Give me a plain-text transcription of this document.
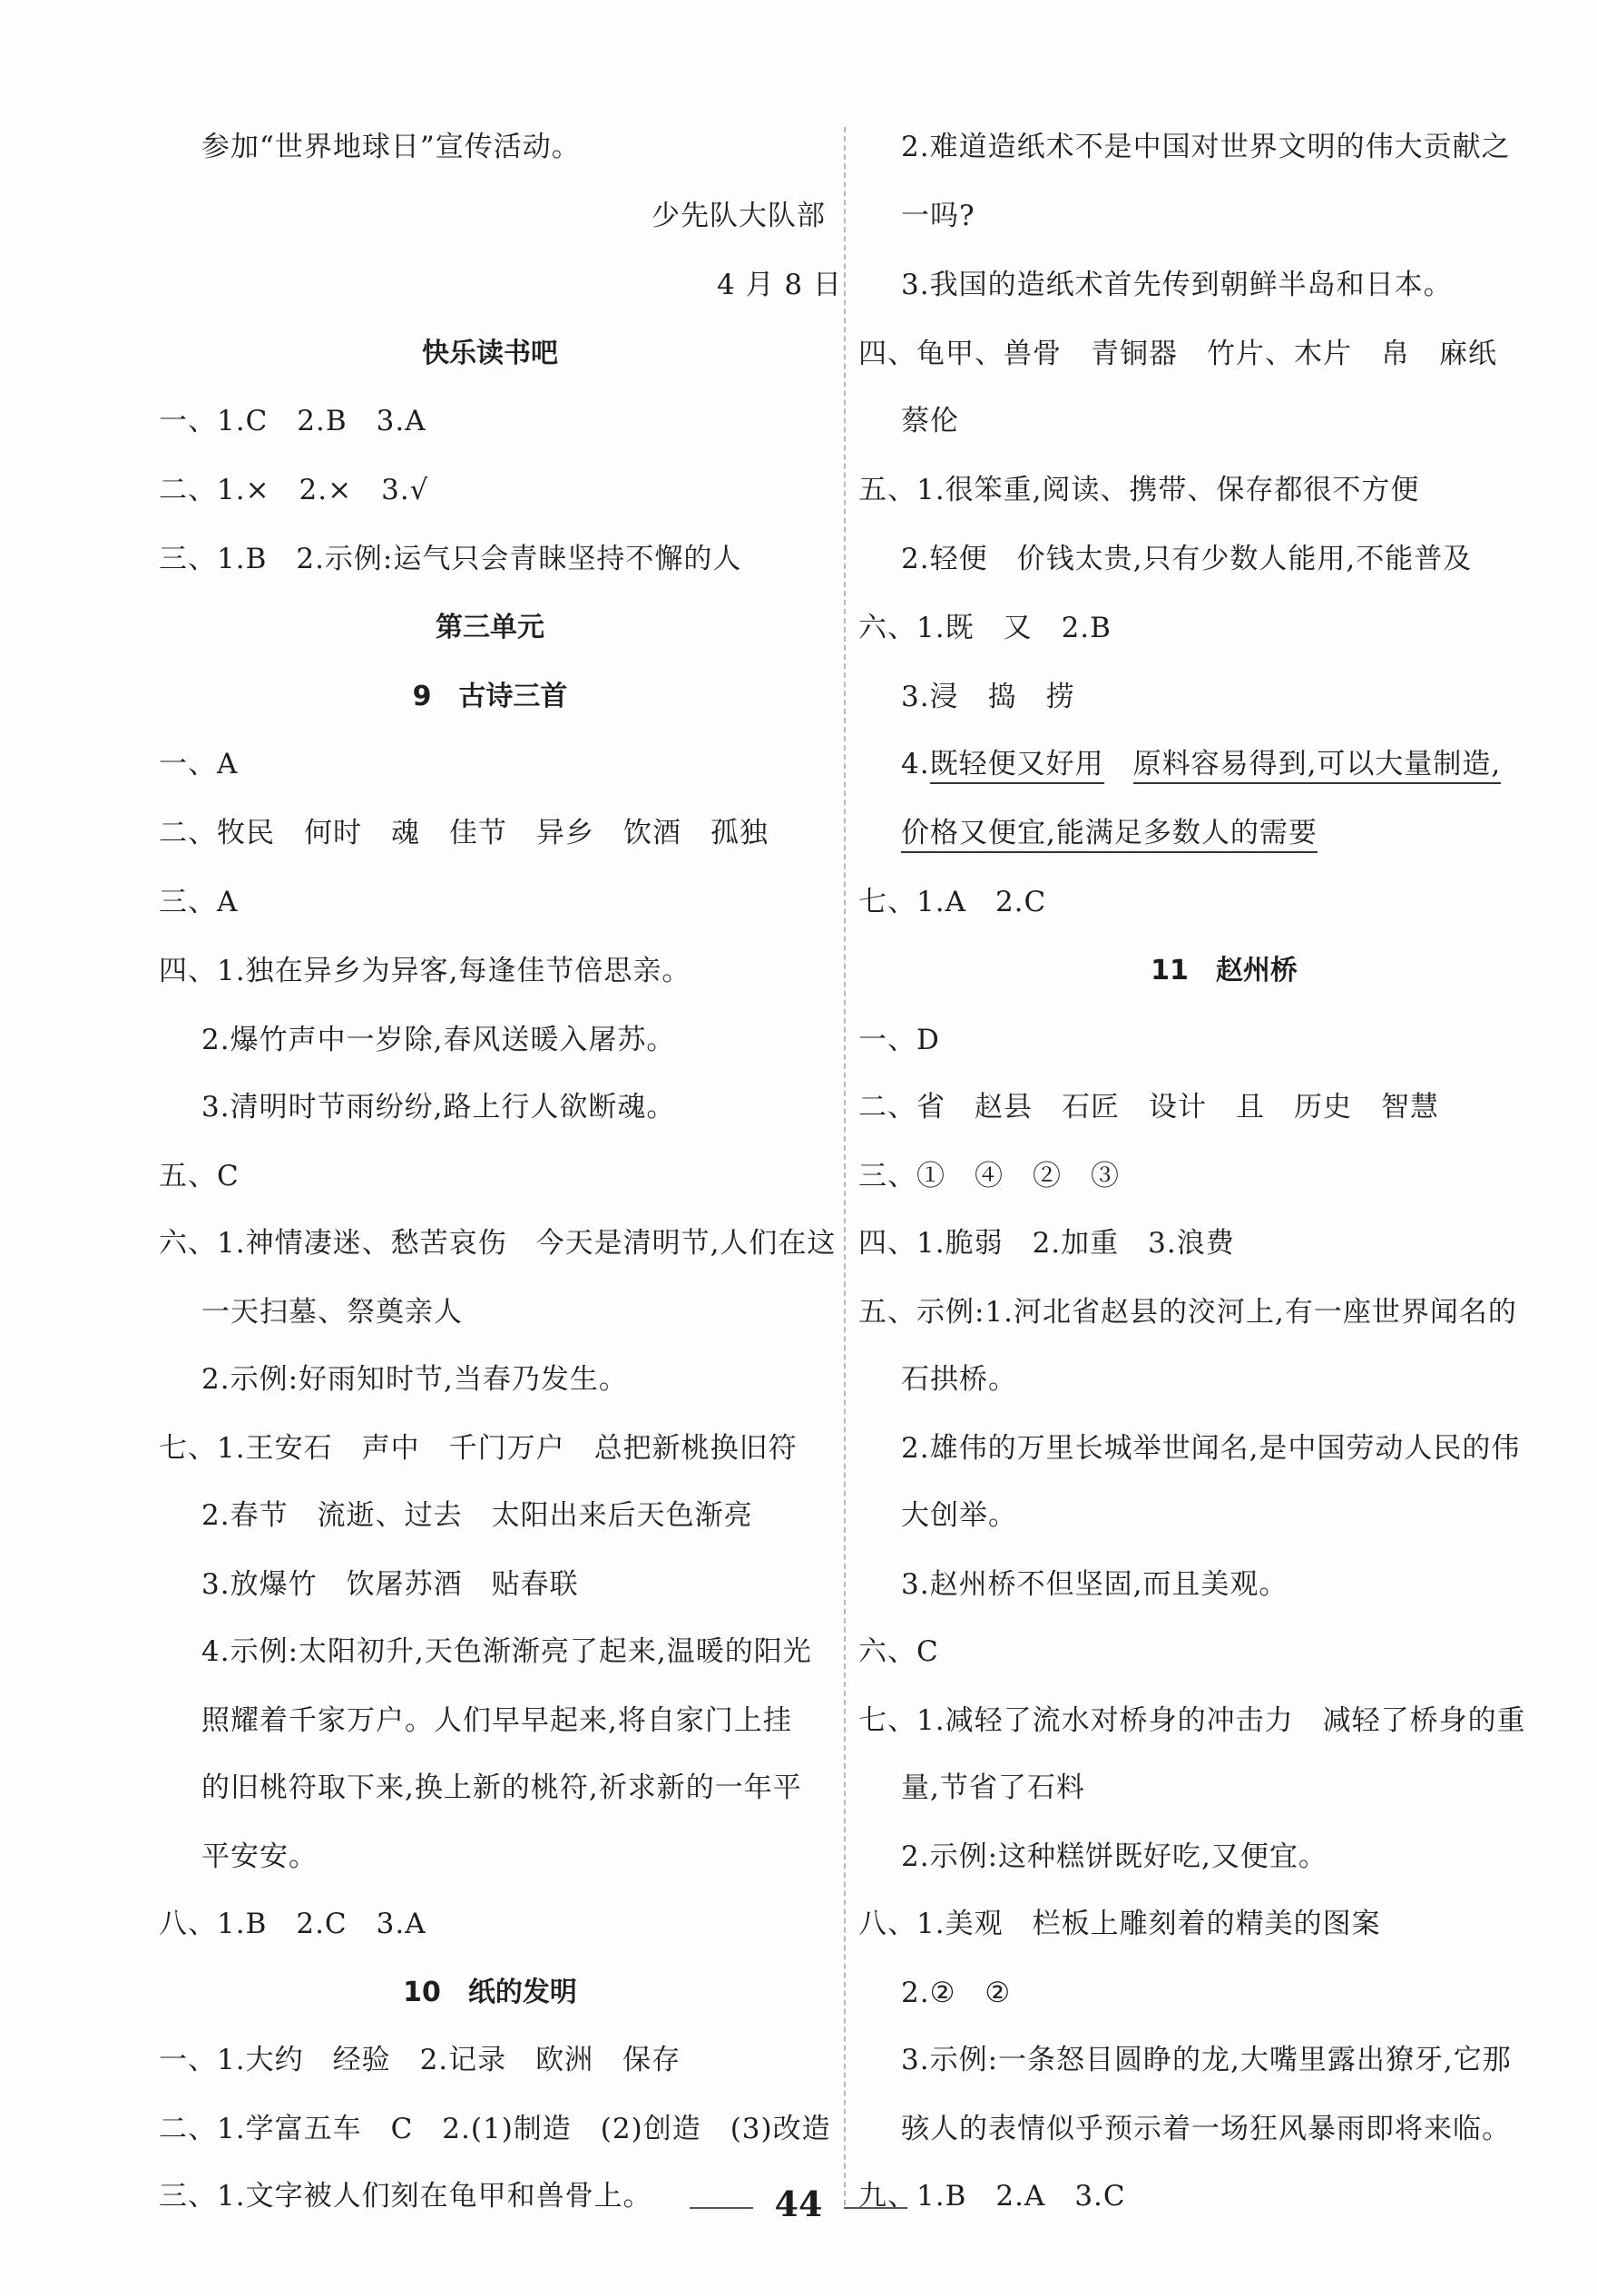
参加“世界地球日”宣传活动。
少先队大队部
4 月 8 日
快乐读书吧
一、1.C　2.B　3.A
二、1.×　2.×　3.√
三、1.B　2.示例:运气只会青睐坚持不懈的人
第三单元
9　古诗三首
一、A
二、牧民　何时　魂　佳节　异乡　饮酒　孤独
三、A
四、1.独在异乡为异客,每逢佳节倍思亲。
2.爆竹声中一岁除,春风送暖入屠苏。
3.清明时节雨纷纷,路上行人欲断魂。
五、C
六、1.神情凄迷、愁苦哀伤　今天是清明节,人们在这
一天扫墓、祭奠亲人
2.示例:好雨知时节,当春乃发生。
七、1.王安石　声中　千门万户　总把新桃换旧符
2.春节　流逝、过去　太阳出来后天色渐亮
3.放爆竹　饮屠苏酒　贴春联
4.示例:太阳初升,天色渐渐亮了起来,温暖的阳光
照耀着千家万户。人们早早起来,将自家门上挂
的旧桃符取下来,换上新的桃符,祈求新的一年平
平安安。
八、1.B　2.C　3.A
10　纸的发明
一、1.大约　经验　2.记录　欧洲　保存
二、1.学富五车　C　2.(1)制造　(2)创造　(3)改造
三、1.文字被人们刻在龟甲和兽骨上。
2.难道造纸术不是中国对世界文明的伟大贡献之
一吗?
3.我国的造纸术首先传到朝鲜半岛和日本。
四、龟甲、兽骨　青铜器　竹片、木片　帛　麻纸
蔡伦
五、1.很笨重,阅读、携带、保存都很不方便
2.轻便　价钱太贵,只有少数人能用,不能普及
六、1.既　又　2.B
3.浸　捣　捞
4.既轻便又好用　 原料容易得到,可以大量制造,
价格又便宜,能满足多数人的需要
七、1.A　2.C
11　赵州桥
一、D
二、省　赵县　石匠　设计　且　历史　智慧
三、①　④　②　③
四、1.脆弱　2.加重　3.浪费
五、示例:1.河北省赵县的洨河上,有一座世界闻名的
石拱桥。
2.雄伟的万里长城举世闻名,是中国劳动人民的伟
大创举。
3.赵州桥不但坚固,而且美观。
六、C
七、1.减轻了流水对桥身的冲击力　减轻了桥身的重
量,节省了石料
2.示例:这种糕饼既好吃,又便宜。
八、1.美观　栏板上雕刻着的精美的图案
2.②　②
3.示例:一条怒目圆睁的龙,大嘴里露出獠牙,它那
骇人的表情似乎预示着一场狂风暴雨即将来临。
九、1.B　2.A　3.C
44
